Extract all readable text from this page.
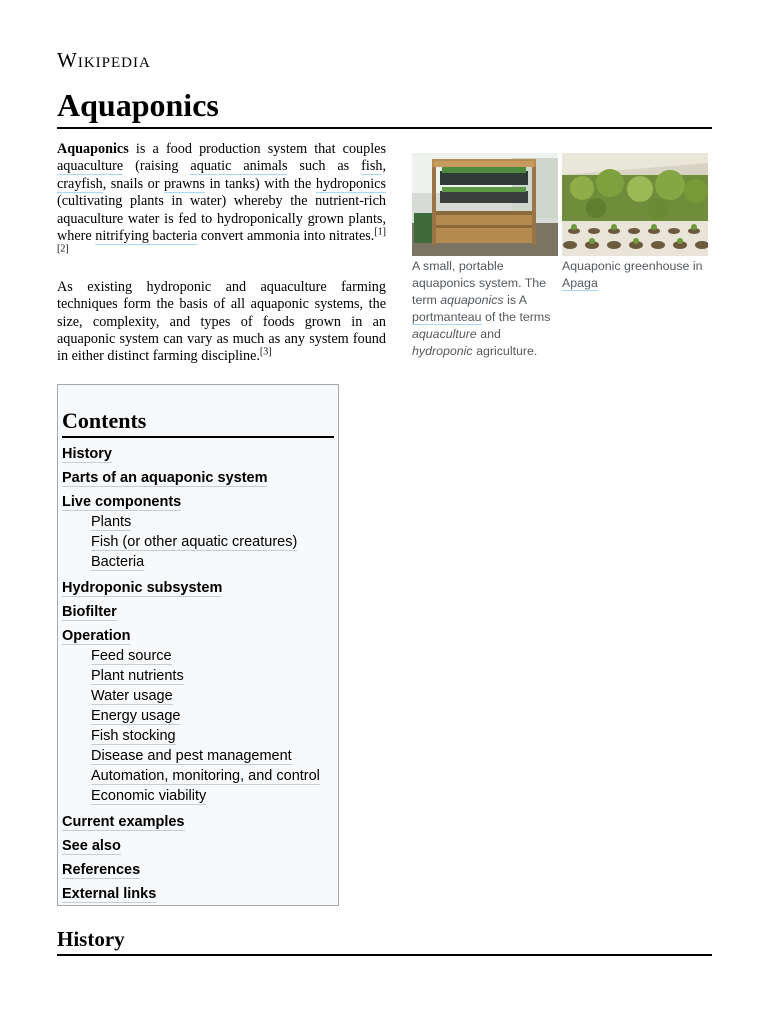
Wikipedia
Aquaponics

Aquaponics is a food production system that couples aquaculture (raising aquatic animals such as fish, crayfish, snails or prawns in tanks) with the hydroponics (cultivating plants in water) whereby the nutrient-rich aquaculture water is fed to hydroponically grown plants, where nitrifying bacteria convert ammonia into nitrates.[1][2]

As existing hydroponic and aquaculture farming techniques form the basis of all aquaponic systems, the size, complexity, and types of foods grown in an aquaponic system can vary as much as any system found in either distinct farming discipline.[3]

A small, portable aquaponics system. The term aquaponics is A portmanteau of the terms aquaculture and hydroponic agriculture.
Aquaponic greenhouse in Apaga
Contents
History
Parts of an aquaponic system
Live components
Plants
Fish (or other aquatic creatures)
Bacteria
Hydroponic subsystem
Biofilter
Operation
Feed source
Plant nutrients
Water usage
Energy usage
Fish stocking
Disease and pest management
Automation, monitoring, and control
Economic viability
Current examples
See also
References
External links
History
